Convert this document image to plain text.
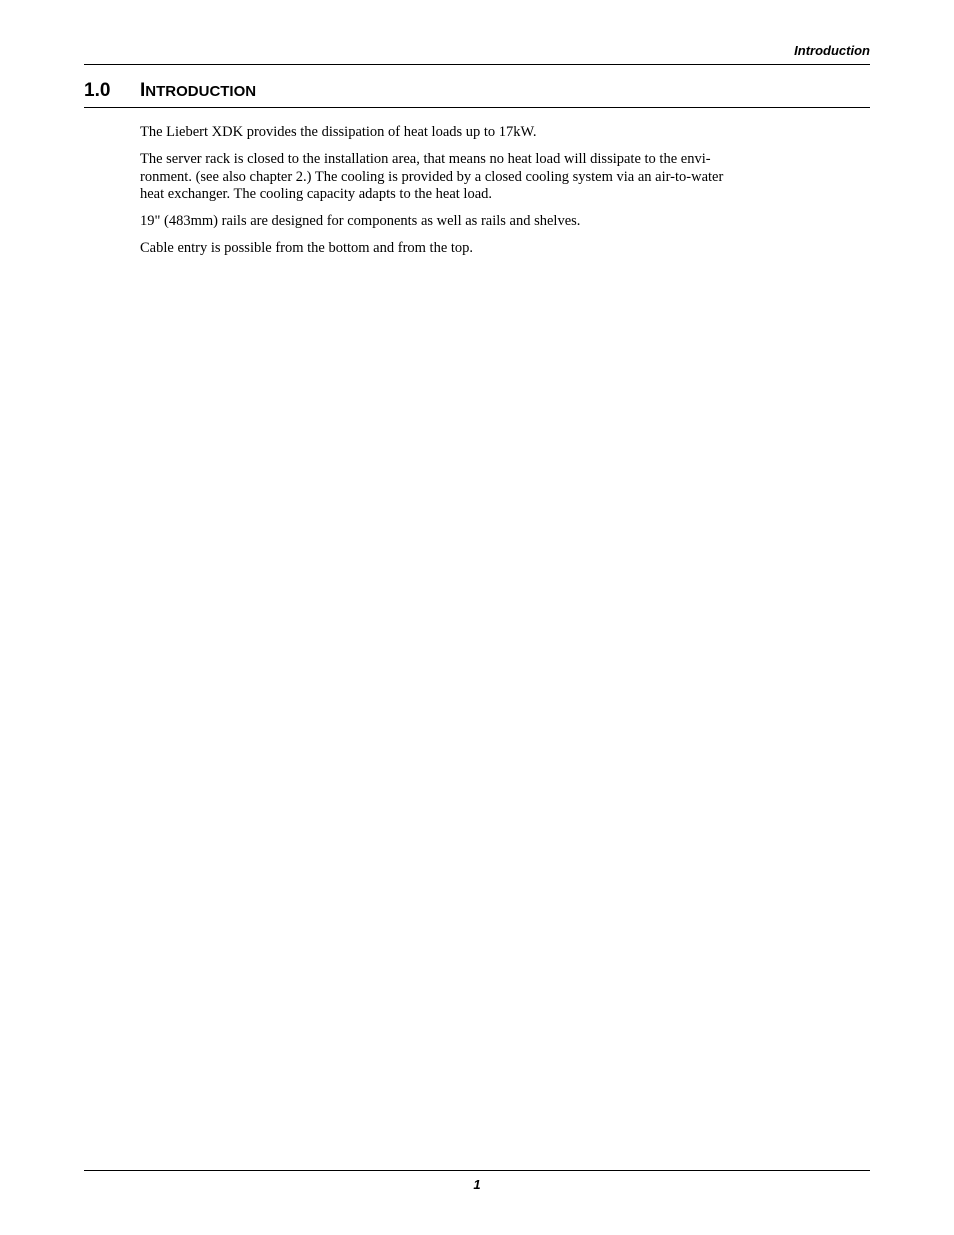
Introduction
1.0 INTRODUCTION

The Liebert XDK provides the dissipation of heat loads up to 17kW.

The server rack is closed to the installation area, that means no heat load will dissipate to the envi-
ronment. (see also chapter 2.) The cooling is provided by a closed cooling system via an air-to-water
heat exchanger. The cooling capacity adapts to the heat load.

19" (483mm) rails are designed for components as well as rails and shelves.

Cable entry is possible from the bottom and from the top.

1
